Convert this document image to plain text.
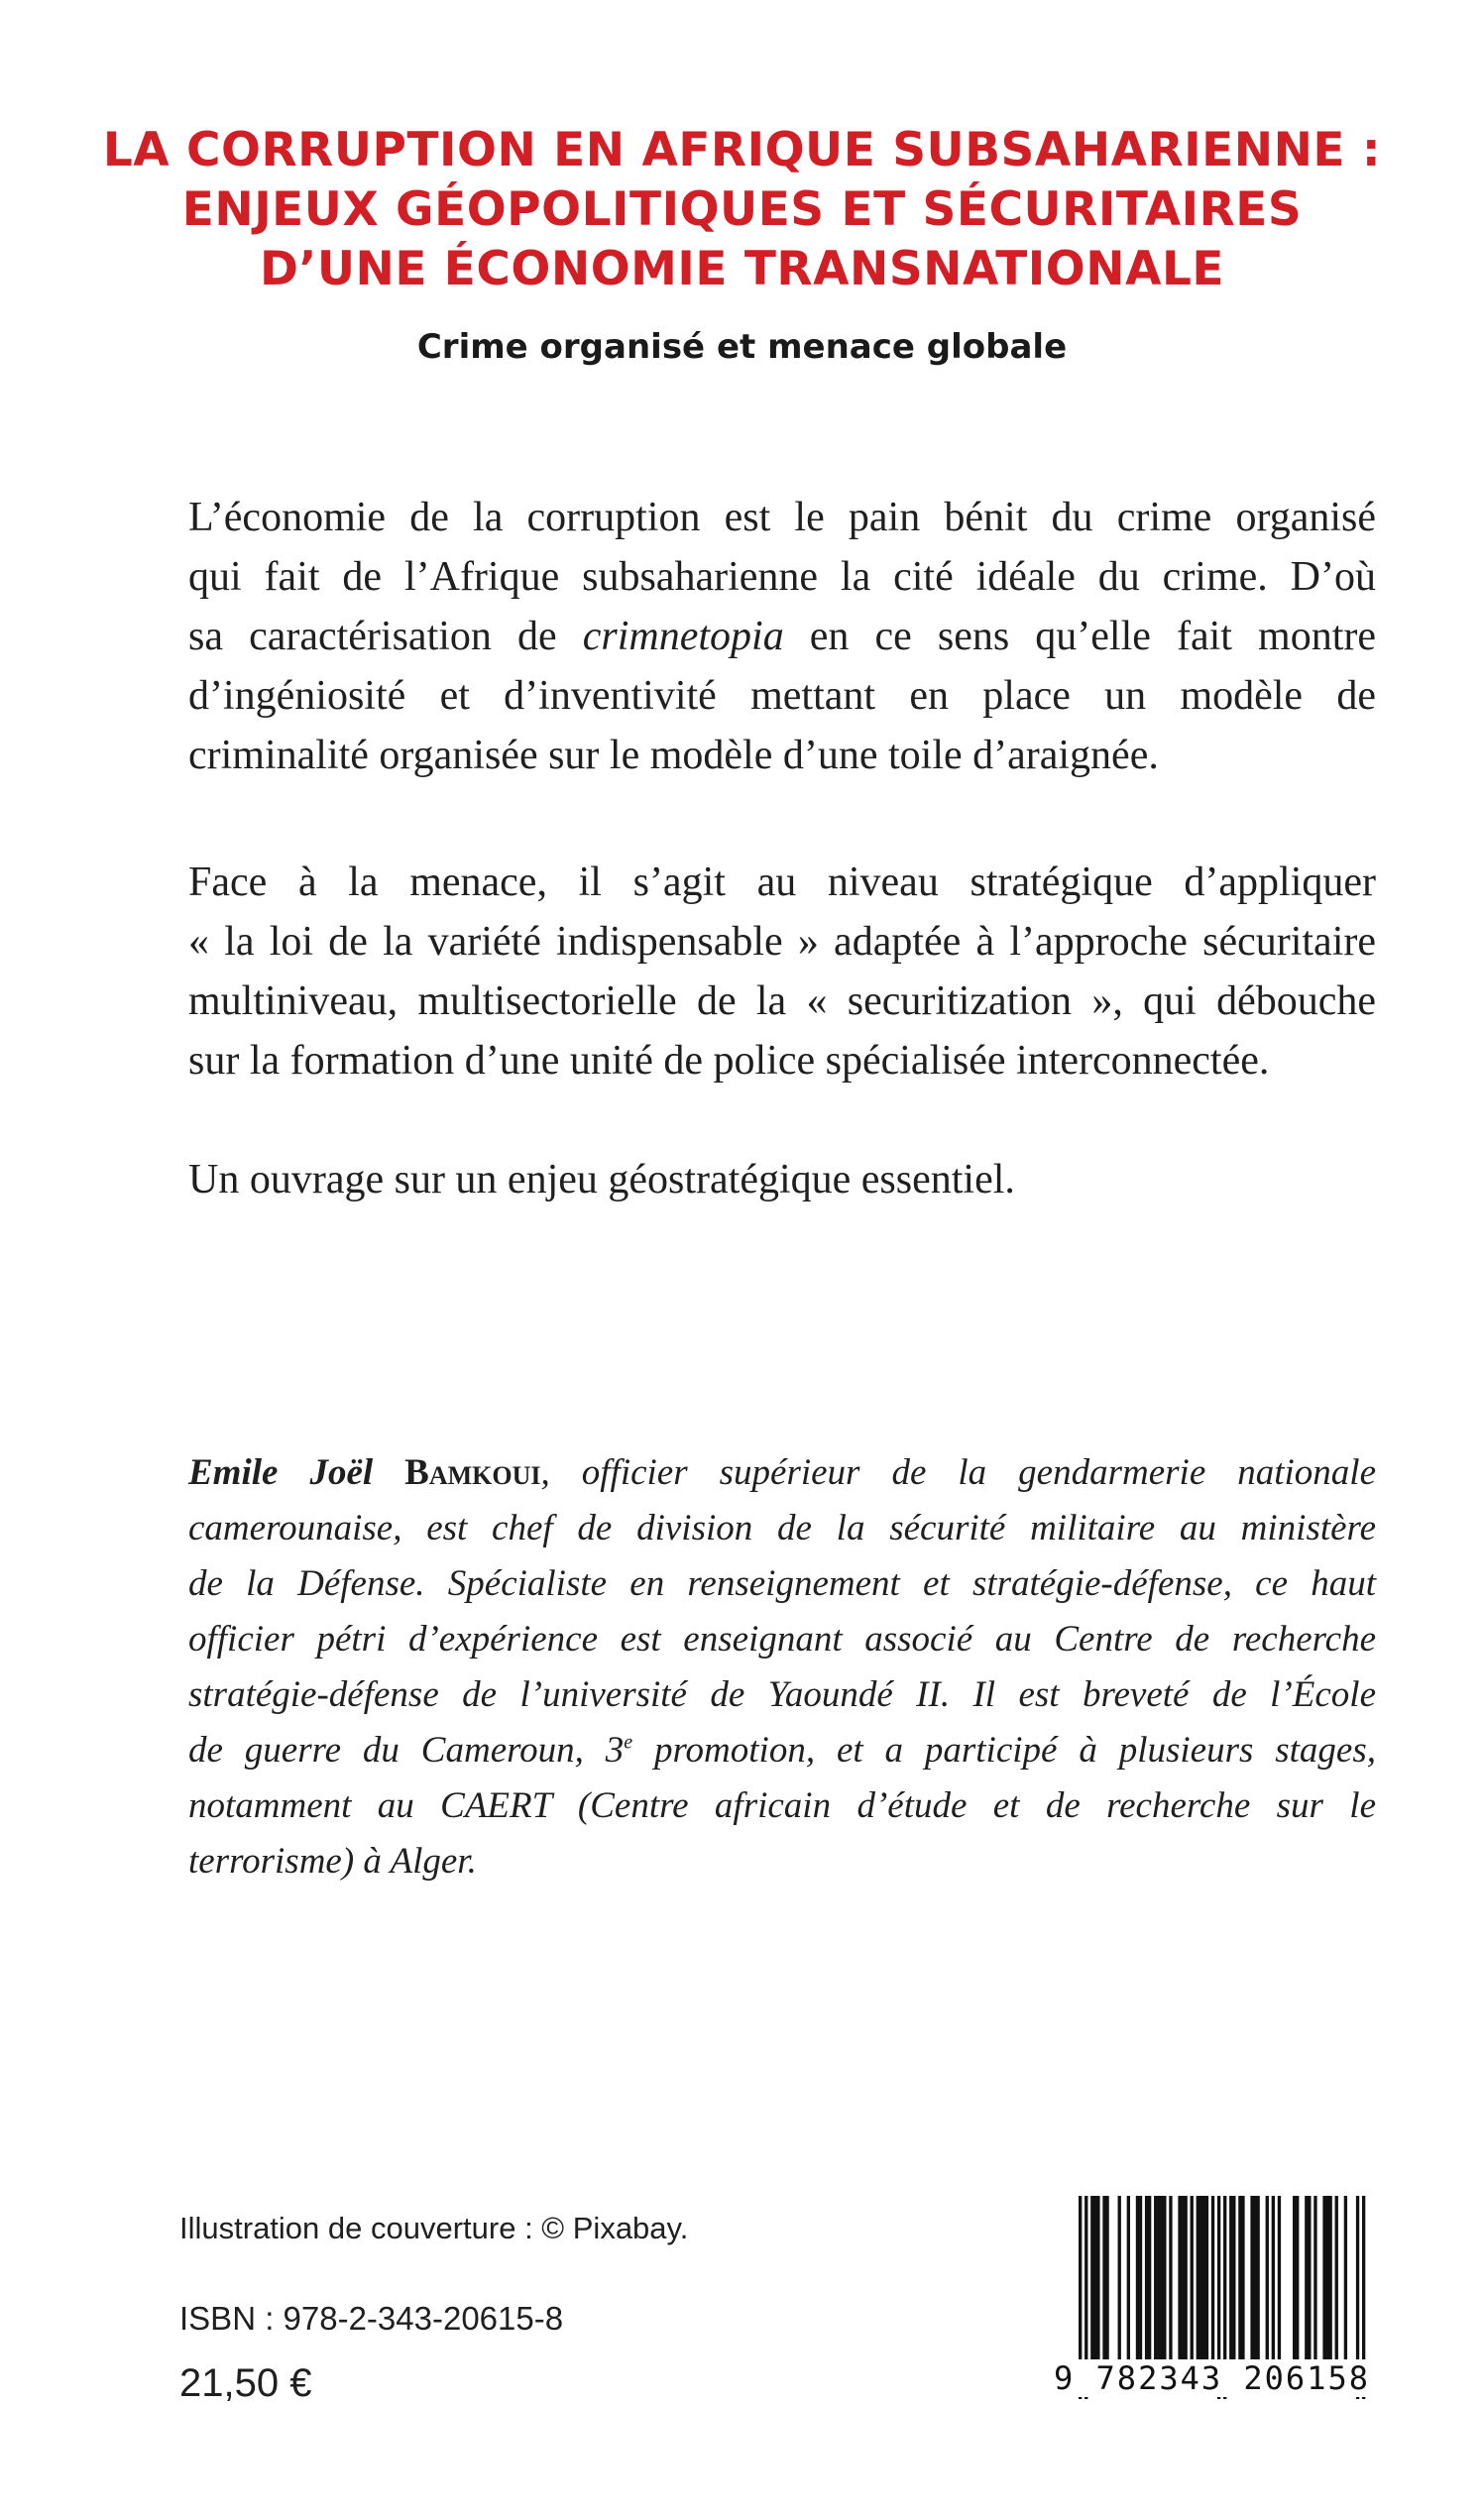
LA CORRUPTION EN AFRIQUE SUBSAHARIENNE :
ENJEUX GÉOPOLITIQUES ET SÉCURITAIRES
D’UNE ÉCONOMIE TRANSNATIONALE
Crime organisé et menace globale
L’économie de la corruption est le pain bénit du crime organisé
qui fait de l’Afrique subsaharienne la cité idéale du crime. D’où
sa caractérisation de crimnetopia en ce sens qu’elle fait montre
d’ingéniosité et d’inventivité mettant en place un modèle de
criminalité organisée sur le modèle d’une toile d’araignée.
Face à la menace, il s’agit au niveau stratégique d’appliquer
« la loi de la variété indispensable » adaptée à l’approche sécuritaire
multiniveau, multisectorielle de la « securitization », qui débouche
sur la formation d’une unité de police spécialisée interconnectée.
Un ouvrage sur un enjeu géostratégique essentiel.
Emile Joël Bamkoui, officier supérieur de la gendarmerie nationale
camerounaise, est chef de division de la sécurité militaire au ministère
de la Défense. Spécialiste en renseignement et stratégie-défense, ce haut
officier pétri d’expérience est enseignant associé au Centre de recherche
stratégie-défense de l’université de Yaoundé II. Il est breveté de l’École
de guerre du Cameroun, 3e promotion, et a participé à plusieurs stages,
notamment au CAERT (Centre africain d’étude et de recherche sur le
terrorisme) à Alger.
Illustration de couverture : © Pixabay.
ISBN : 978-2-343-20615-8
21,50 €	9 782343 206158
